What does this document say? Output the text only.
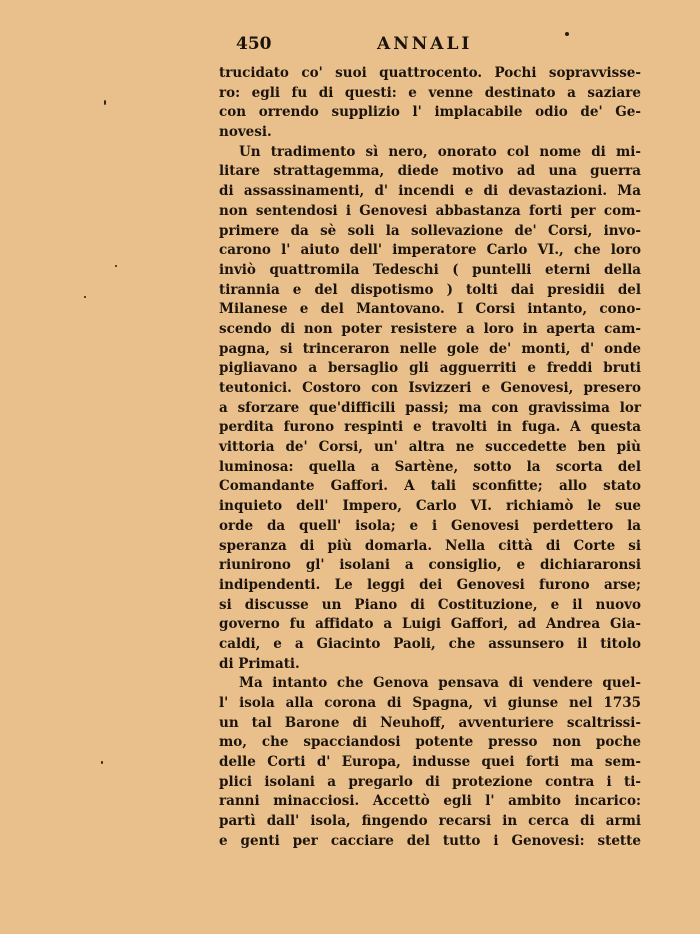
450	ANNALI

trucidato co' suoi quattrocento. Pochi sopravvisse-
ro: egli fu di questi: e venne destinato a saziare
con orrendo supplizio l' implacabile odio de' Ge-
novesi.

Un tradimento sì nero, onorato col nome di mi-
litare strattagemma, diede motivo ad una guerra
di assassinamenti, d' incendi e di devastazioni. Ma
non sentendosi i Genovesi abbastanza forti per com-
primere da sè soli la sollevazione de' Corsi, invo-
carono l' aiuto dell' imperatore Carlo VI., che loro
inviò quattromila Tedeschi ( puntelli eterni della
tirannia e del dispotismo ) tolti dai presidii del
Milanese e del Mantovano. I Corsi intanto, cono-
scendo di non poter resistere a loro in aperta cam-
pagna, si trinceraron nelle gole de' monti, d' onde
pigliavano a bersaglio gli agguerriti e freddi bruti
teutonici. Costoro con Isvizzeri e Genovesi, presero
a sforzare que'difficili passi; ma con gravissima lor
perdita furono respinti e travolti in fuga. A questa
vittoria de' Corsi, un' altra ne succedette ben più
luminosa: quella a Sartène, sotto la scorta del
Comandante Gaffori. A tali sconfitte; allo stato
inquieto dell' Impero, Carlo VI. richiamò le sue
orde da quell' isola; e i Genovesi perdettero la
speranza di più domarla. Nella città di Corte si
riunirono gl' isolani a consiglio, e dichiararonsi
indipendenti. Le leggi dei Genovesi furono arse;
si discusse un Piano di Costituzione, e il nuovo
governo fu affidato a Luigi Gaffori, ad Andrea Gia-
caldi, e a Giacinto Paoli, che assunsero il titolo
di Primati.

Ma intanto che Genova pensava di vendere quel-
l' isola alla corona di Spagna, vi giunse nel 1735
un tal Barone di Neuhoff, avventuriere scaltrissi-
mo, che spacciandosi potente presso non poche
delle Corti d' Europa, indusse quei forti ma sem-
plici isolani a pregarlo di protezione contra i ti-
ranni minacciosi. Accettò egli l' ambito incarico:
partì dall' isola, fingendo recarsi in cerca di armi
e genti per cacciare del tutto i Genovesi: stette
